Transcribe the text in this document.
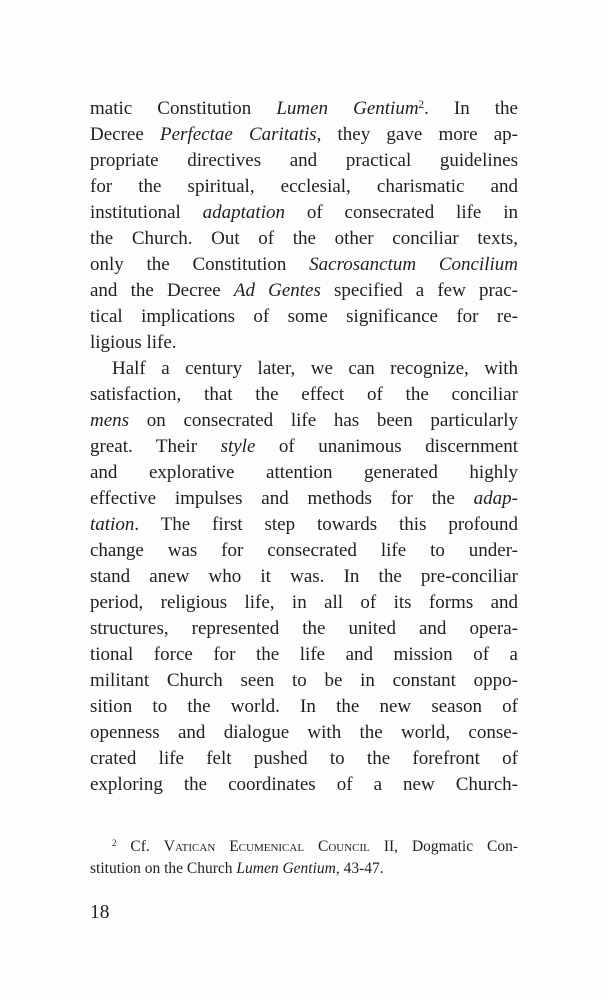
matic Constitution Lumen Gentium$^2$. In the
Decree Perfectae Caritatis, they gave more ap-
propriate directives and practical guidelines
for the spiritual, ecclesial, charismatic and
institutional adaptation of consecrated life in
the Church. Out of the other conciliar texts,
only the Constitution Sacrosanctum Concilium
and the Decree Ad Gentes specified a few prac-
tical implications of some significance for re-
ligious life.
Half a century later, we can recognize, with
satisfaction, that the effect of the conciliar
mens on consecrated life has been particularly
great. Their style of unanimous discernment
and explorative attention generated highly
effective impulses and methods for the adap-
tation. The first step towards this profound
change was for consecrated life to under-
stand anew who it was. In the pre-conciliar
period, religious life, in all of its forms and
structures, represented the united and opera-
tional force for the life and mission of a
militant Church seen to be in constant oppo-
sition to the world. In the new season of
openness and dialogue with the world, conse-
crated life felt pushed to the forefront of
exploring the coordinates of a new Church-
$^2$ Cf. Vatican Ecumenical Council II, Dogmatic Con-
stitution on the Church Lumen Gentium, 43-47.
18
